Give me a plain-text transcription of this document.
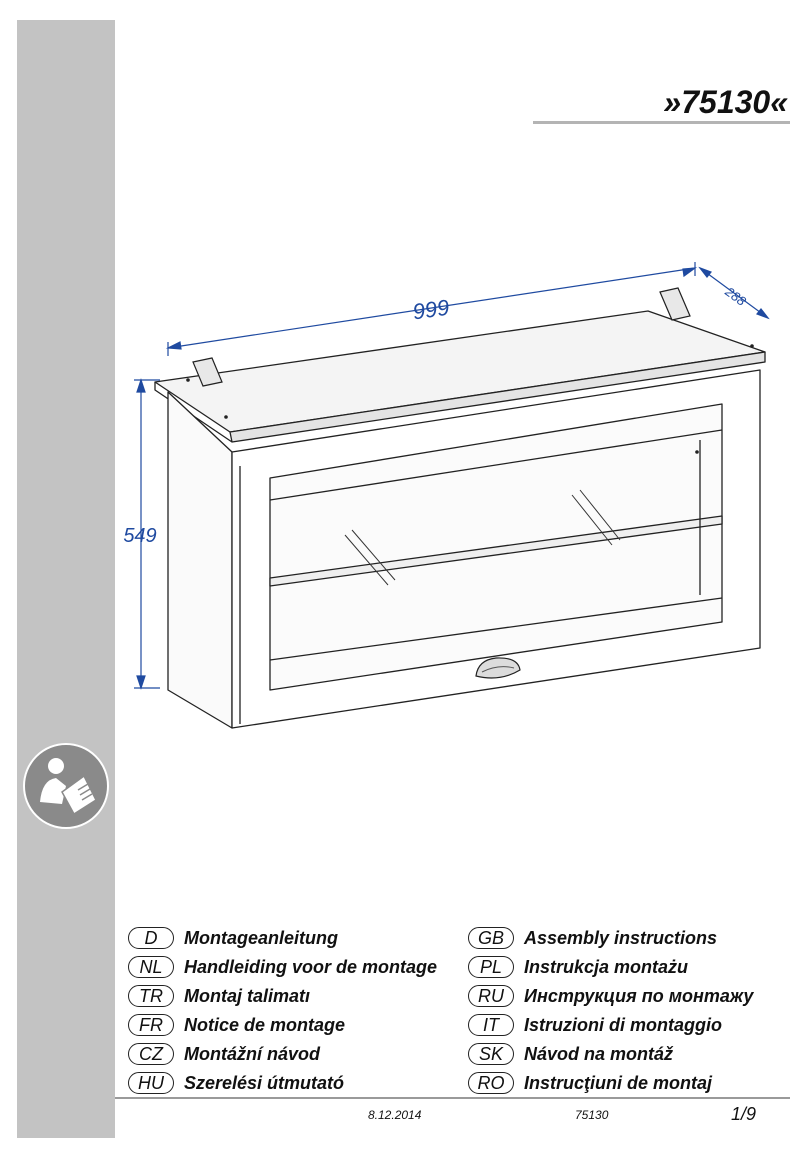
»75130«
999	288
549
D	Montageanleitung
NL	Handleiding voor de montage
TR	Montaj talimatı
FR	Notice de montage
CZ	Montážní návod
HU	Szerelési útmutató
GB	Assembly instructions
PL	Instrukcja montażu
RU	Инструкция по монтажу
IT	Istruzioni di montaggio
SK	Návod na montáž
RO	Instrucţiuni de montaj
8.12.2014	75130	1/9
